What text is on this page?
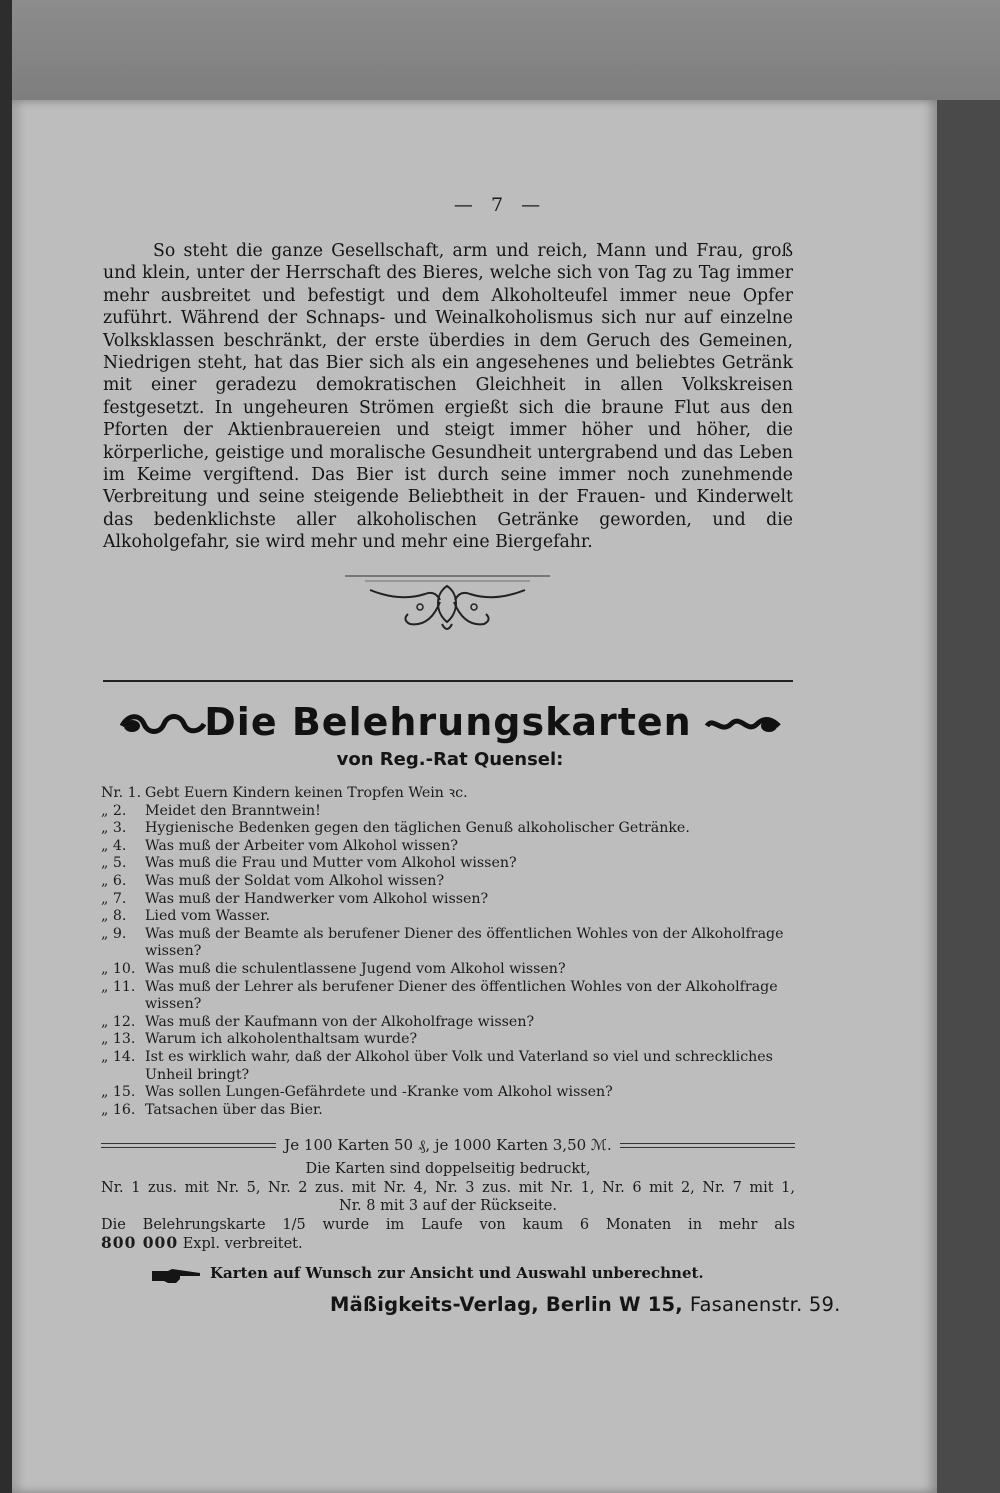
— 7 —

So steht die ganze Gesellschaft, arm und reich, Mann und Frau, groß und klein, unter der Herrschaft des Bieres, welche sich von Tag zu Tag immer mehr ausbreitet und befestigt und dem Alkoholteufel immer neue Opfer zuführt. Während der Schnaps- und Weinalkoholismus sich nur auf einzelne Volksklassen beschränkt, der erste überdies in dem Geruch des Gemeinen, Niedrigen steht, hat das Bier sich als ein angesehenes und beliebtes Getränk mit einer geradezu demokratischen Gleichheit in allen Volkskreisen festgesetzt. In ungeheuren Strömen ergießt sich die braune Flut aus den Pforten der Aktienbrauereien und steigt immer höher und höher, die körperliche, geistige und moralische Gesundheit untergrabend und das Leben im Keime vergiftend. Das Bier ist durch seine immer noch zunehmende Verbreitung und seine steigende Beliebtheit in der Frauen- und Kinderwelt das bedenklichste aller alkoholischen Getränke geworden, und die Alkoholgefahr, sie wird mehr und mehr eine Biergefahr.

Die Belehrungskarten
von Reg.-Rat Quensel:
Nr. 1. Gebt Euern Kindern keinen Tropfen Wein ꝛc.
„ 2.	Meidet den Branntwein!
„ 3.	Hygienische Bedenken gegen den täglichen Genuß alkoholischer Getränke.
„ 4.	Was muß der Arbeiter vom Alkohol wissen?
„ 5.	Was muß die Frau und Mutter vom Alkohol wissen?
„ 6.	Was muß der Soldat vom Alkohol wissen?
„ 7.	Was muß der Handwerker vom Alkohol wissen?
„ 8.	Lied vom Wasser.
„ 9.	Was muß der Beamte als berufener Diener des öffentlichen Wohles von der Alkoholfrage wissen?
„ 10. Was muß die schulentlassene Jugend vom Alkohol wissen?
„ 11. Was muß der Lehrer als berufener Diener des öffentlichen Wohles von der Alkoholfrage wissen?
„ 12. Was muß der Kaufmann von der Alkoholfrage wissen?
„ 13. Warum ich alkoholenthaltsam wurde?
„ 14. Ist es wirklich wahr, daß der Alkohol über Volk und Vaterland so viel und schreckliches Unheil bringt?
„ 15. Was sollen Lungen-Gefährdete und -Kranke vom Alkohol wissen?
„ 16. Tatsachen über das Bier.
Je 100 Karten 50 ₰, je 1000 Karten 3,50 ℳ.
Die Karten sind doppelseitig bedruckt,
Nr. 1 zus. mit Nr. 5, Nr. 2 zus. mit Nr. 4, Nr. 3 zus. mit Nr. 1, Nr. 6 mit 2, Nr. 7 mit 1,
Nr. 8 mit 3 auf der Rückseite.
Die Belehrungskarte 1/5 wurde im Laufe von kaum 6 Monaten in mehr als
800 000 Expl. verbreitet.
Karten auf Wunsch zur Ansicht und Auswahl unberechnet.
Mäßigkeits-Verlag, Berlin W 15, Fasanenstr. 59.
